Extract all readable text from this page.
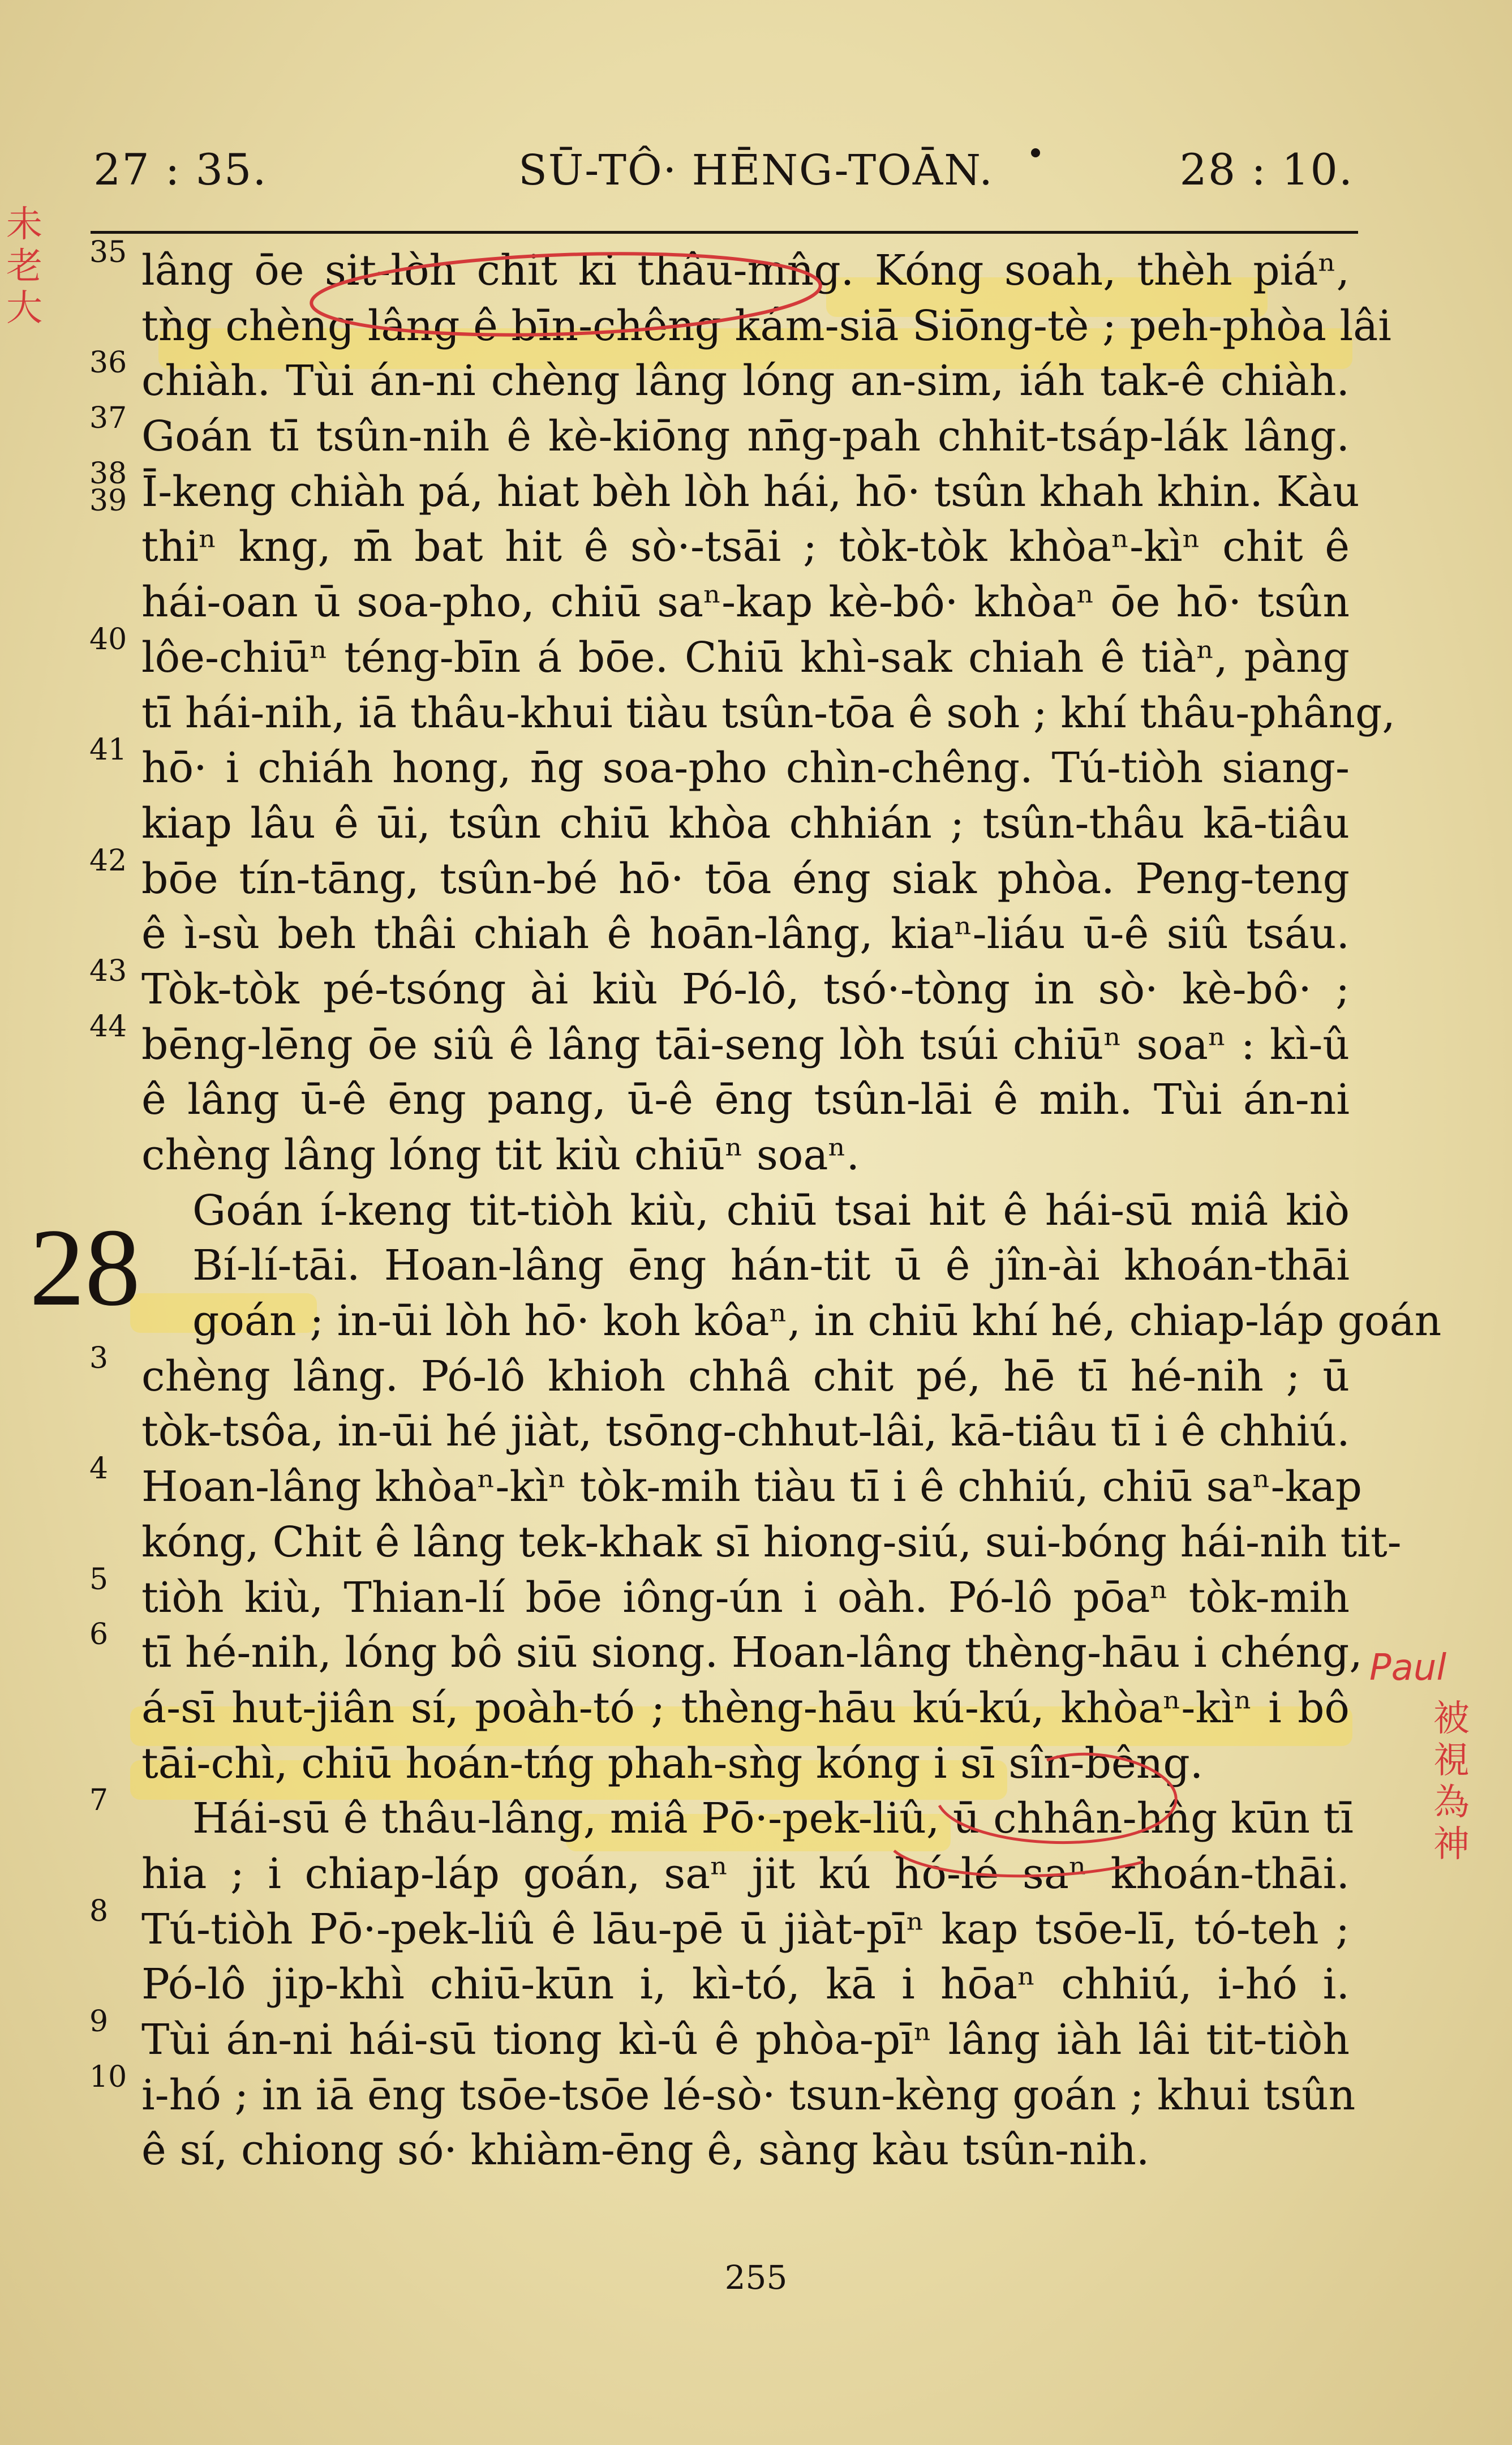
27 : 35.	SŪ-TÔ· HĒNG-TOĀN.	28 : 10.
28
35 lâng ōe sit-lòh chit ki thâu-mn̂g. Kóng soah, thèh piáⁿ,
tǹg chèng lâng ê bīn-chêng kám-siā Siōng-tè ; peh-phòa lâi
36 chiàh. Tùi án-ni chèng lâng lóng an-sim, iáh tak-ê chiàh.
37 Goán tī tsûn-nih ê kè-kiōng nn̄g-pah chhit-tsáp-lák lâng.
38
39 Ī-keng chiàh pá, hiat bèh lòh hái, hō· tsûn khah khin. Kàu
thiⁿ kng, m̄ bat hit ê sò·-tsāi ; tòk-tòk khòaⁿ-kìⁿ chit ê
hái-oan ū soa-pho, chiū saⁿ-kap kè-bô· khòaⁿ ōe hō· tsûn
40 lôe-chiūⁿ téng-bīn á bōe. Chiū khì-sak chiah ê tiàⁿ, pàng
tī hái-nih, iā thâu-khui tiàu tsûn-tōa ê soh ; khí thâu-phâng,
41 hō· i chiáh hong, n̄g soa-pho chìn-chêng. Tú-tiòh siang-
kiap lâu ê ūi, tsûn chiū khòa chhián ; tsûn-thâu kā-tiâu
42 bōe tín-tāng, tsûn-bé hō· tōa éng siak phòa. Peng-teng
ê ì-sù beh thâi chiah ê hoān-lâng, kiaⁿ-liáu ū-ê siû tsáu.
43 Tòk-tòk pé-tsóng ài kiù Pó-lô, tsó·-tòng in sò· kè-bô· ;
44 bēng-lēng ōe siû ê lâng tāi-seng lòh tsúi chiūⁿ soaⁿ : kì-û
ê lâng ū-ê ēng pang, ū-ê ēng tsûn-lāi ê mih. Tùi án-ni
chèng lâng lóng tit kiù chiūⁿ soaⁿ.
Goán í-keng tit-tiòh kiù, chiū tsai hit ê hái-sū miâ kiò
Bí-lí-tāi. Hoan-lâng ēng hán-tit ū ê jîn-ài khoán-thāi
goán ; in-ūi lòh hō· koh kôaⁿ, in chiū khí hé, chiap-láp goán
3 chèng lâng. Pó-lô khioh chhâ chit pé, hē tī hé-nih ; ū
tòk-tsôa, in-ūi hé jiàt, tsōng-chhut-lâi, kā-tiâu tī i ê chhiú.
4 Hoan-lâng khòaⁿ-kìⁿ tòk-mih tiàu tī i ê chhiú, chiū saⁿ-kap
kóng, Chit ê lâng tek-khak sī hiong-siú, sui-bóng hái-nih tit-
5 tiòh kiù, Thian-lí bōe iông-ún i oàh. Pó-lô pōaⁿ tòk-mih
6 tī hé-nih, lóng bô siū siong. Hoan-lâng thèng-hāu i chéng,
á-sī hut-jiân sí, poàh-tó ; thèng-hāu kú-kú, khòaⁿ-kìⁿ i bô
tāi-chì, chiū hoán-tńg phah-sǹg kóng i sī sîn-bêng.
7 Hái-sū ê thâu-lâng, miâ Pō·-pek-liû, ū chhân-hn̂g kūn tī
hia ; i chiap-láp goán, saⁿ jit kú hó-lé saⁿ khoán-thāi.
8 Tú-tiòh Pō·-pek-liû ê lāu-pē ū jiàt-pīⁿ kap tsōe-lī, tó-teh ;
Pó-lô jip-khì chiū-kūn i, kì-tó, kā i hōaⁿ chhiú, i-hó i.
9 Tùi án-ni hái-sū tiong kì-û ê phòa-pīⁿ lâng iàh lâi tit-tiòh
10 i-hó ; in iā ēng tsōe-tsōe lé-sò· tsun-kèng goán ; khui tsûn
ê sí, chiong só· khiàm-ēng ê, sàng kàu tsûn-nih.
255
未老大
Paul
被視為神
